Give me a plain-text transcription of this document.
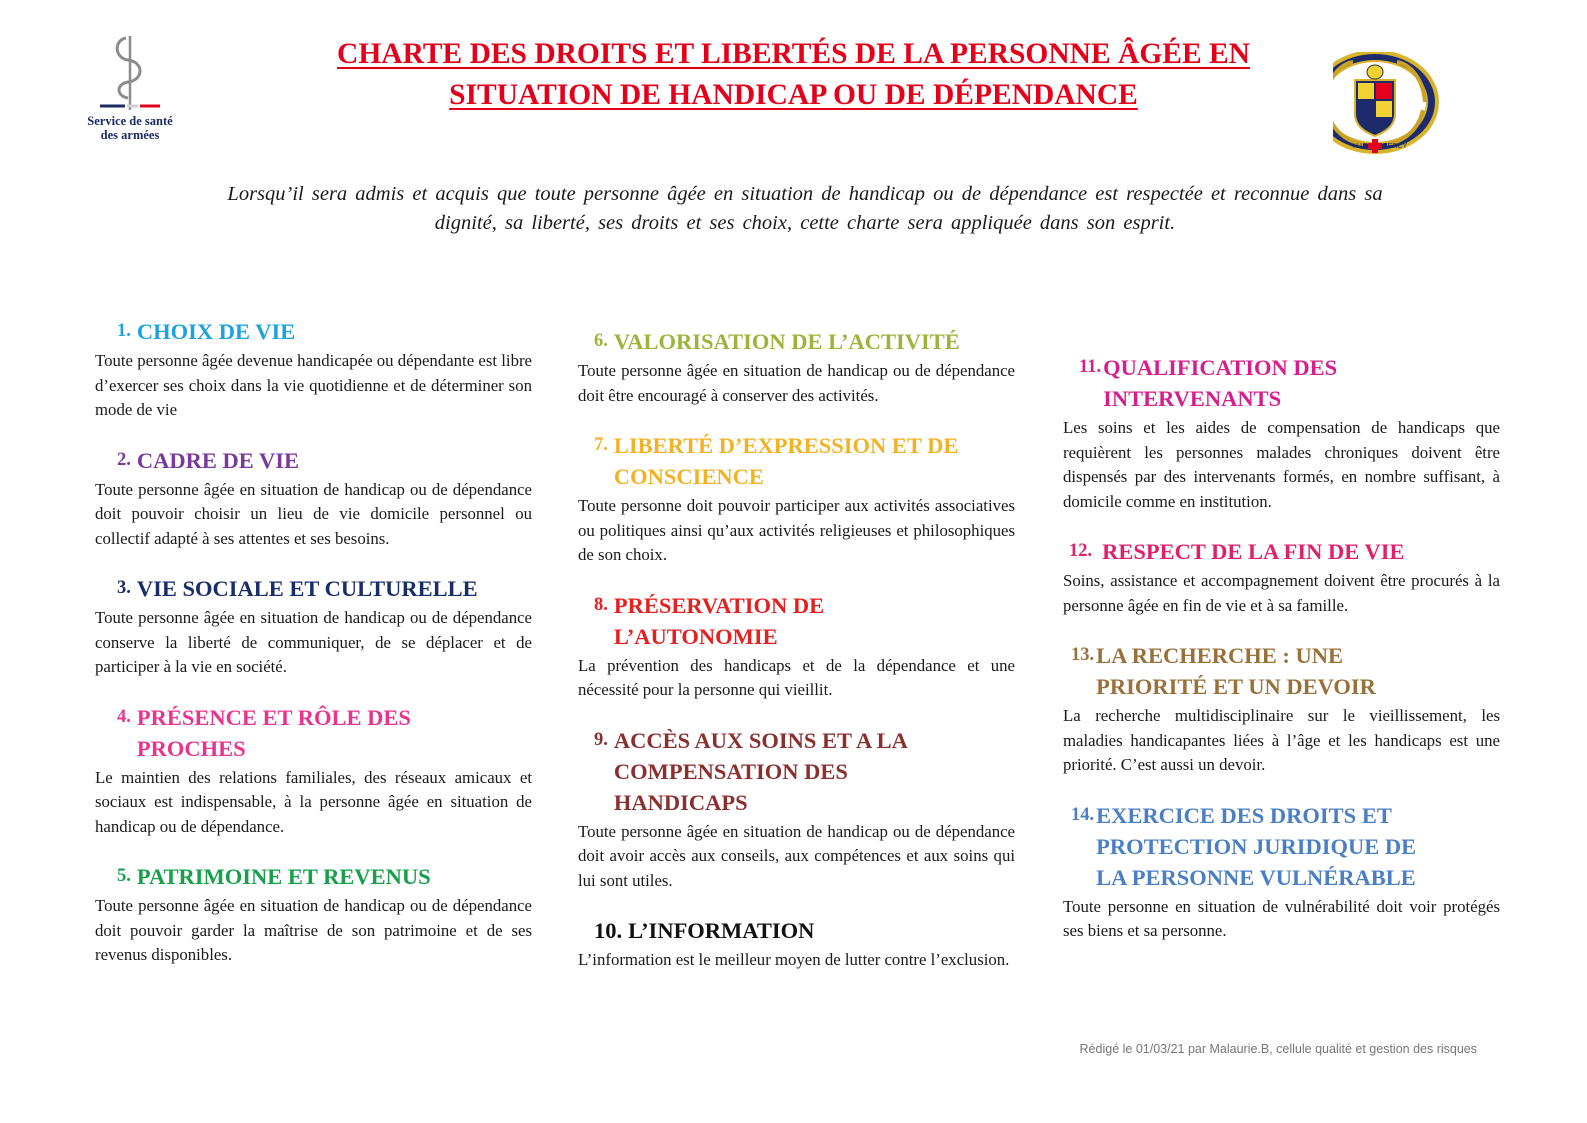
Service de santé
des armées
CHARTE DES DROITS ET LIBERTÉS DE LA PERSONNE ÂGÉE EN
SITUATION DE HANDICAP OU DE DÉPENDANCE
H.I.A PERCY
Lorsqu’il sera admis et acquis que toute personne âgée en situation de handicap ou de dépendance est respectée et reconnue dans sa dignité, sa liberté, ses droits et ses choix, cette charte sera appliquée dans son esprit.
1. CHOIX DE VIE

Toute personne âgée devenue handicapée ou dépendante est libre d’exercer ses choix dans la vie quotidienne et de déterminer son mode de vie

2. CADRE DE VIE

Toute personne âgée en situation de handicap ou de dépendance doit pouvoir choisir un lieu de vie domicile personnel ou collectif adapté à ses attentes et ses besoins.

3. VIE SOCIALE ET CULTURELLE

Toute personne âgée en situation de handicap ou de dépendance conserve la liberté de communiquer, de se déplacer et de participer à la vie en société.

4. PRÉSENCE ET RÔLE DES PROCHES

Le maintien des relations familiales, des réseaux amicaux et sociaux est indispensable, à la personne âgée en situation de handicap ou de dépendance.

5. PATRIMOINE ET REVENUS

Toute personne âgée en situation de handicap ou de dépendance doit pouvoir garder la maîtrise de son patrimoine et de ses revenus disponibles.

6. VALORISATION DE L’ACTIVITÉ

Toute personne âgée en situation de handicap ou de dépendance doit être encouragé à conserver des activités.

7. LIBERTÉ D’EXPRESSION ET DE CONSCIENCE

Toute personne doit pouvoir participer aux activités associatives ou politiques ainsi qu’aux activités religieuses et philosophiques de son choix.

8. PRÉSERVATION DE L’AUTONOMIE

La prévention des handicaps et de la dépendance et une nécessité pour la personne qui vieillit.

9. ACCÈS AUX SOINS ET A LA COMPENSATION DES HANDICAPS

Toute personne âgée en situation de handicap ou de dépendance doit avoir accès aux conseils, aux compétences et aux soins qui lui sont utiles.

10. L’INFORMATION

L’information est le meilleur moyen de lutter contre l’exclusion.

11. QUALIFICATION DES INTERVENANTS

Les soins et les aides de compensation de handicaps que requièrent les personnes malades chroniques doivent être dispensés par des intervenants formés, en nombre suffisant, à domicile comme en institution.

12. RESPECT DE LA FIN DE VIE

Soins, assistance et accompagnement doivent être procurés à la personne âgée en fin de vie et à sa famille.

13. LA RECHERCHE : UNE PRIORITÉ ET UN DEVOIR

La recherche multidisciplinaire sur le vieillissement, les maladies handicapantes liées à l’âge et les handicaps est une priorité. C’est aussi un devoir.

14. EXERCICE DES DROITS ET PROTECTION JURIDIQUE DE LA PERSONNE VULNÉRABLE

Toute personne en situation de vulnérabilité doit voir protégés ses biens et sa personne.

Rédigé le 01/03/21 par Malaurie.B, cellule qualité et gestion des risques
